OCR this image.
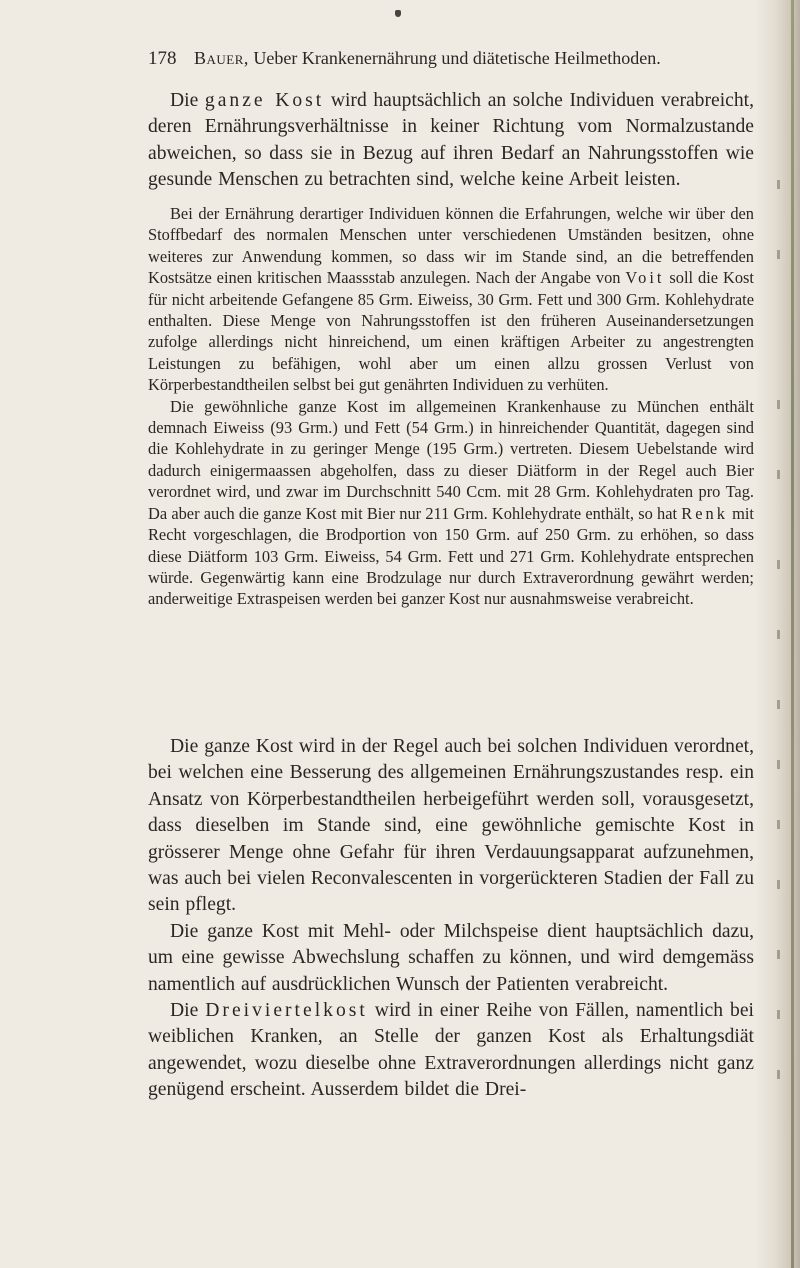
178 Bauer, Ueber Krankenernährung und diätetische Heilmethoden.

Die ganze Kost wird hauptsächlich an solche Individuen verabreicht, deren Ernährungsverhältnisse in keiner Richtung vom Normalzustande abweichen, so dass sie in Bezug auf ihren Bedarf an Nahrungsstoffen wie gesunde Menschen zu betrachten sind, welche keine Arbeit leisten.

Bei der Ernährung derartiger Individuen können die Erfahrungen, welche wir über den Stoffbedarf des normalen Menschen unter verschiedenen Umständen besitzen, ohne weiteres zur Anwendung kommen, so dass wir im Stande sind, an die betreffenden Kostsätze einen kritischen Maassstab anzulegen. Nach der Angabe von Voit soll die Kost für nicht arbeitende Gefangene 85 Grm. Eiweiss, 30 Grm. Fett und 300 Grm. Kohlehydrate enthalten. Diese Menge von Nahrungsstoffen ist den früheren Auseinandersetzungen zufolge allerdings nicht hinreichend, um einen kräftigen Arbeiter zu angestrengten Leistungen zu befähigen, wohl aber um einen allzu grossen Verlust von Körperbestandtheilen selbst bei gut genährten Individuen zu verhüten.

Die gewöhnliche ganze Kost im allgemeinen Krankenhause zu München enthält demnach Eiweiss (93 Grm.) und Fett (54 Grm.) in hinreichender Quantität, dagegen sind die Kohlehydrate in zu geringer Menge (195 Grm.) vertreten. Diesem Uebelstande wird dadurch einigermaassen abgeholfen, dass zu dieser Diätform in der Regel auch Bier verordnet wird, und zwar im Durchschnitt 540 Ccm. mit 28 Grm. Kohlehydraten pro Tag. Da aber auch die ganze Kost mit Bier nur 211 Grm. Kohlehydrate enthält, so hat Renk mit Recht vorgeschlagen, die Brodportion von 150 Grm. auf 250 Grm. zu erhöhen, so dass diese Diätform 103 Grm. Eiweiss, 54 Grm. Fett und 271 Grm. Kohlehydrate entsprechen würde. Gegenwärtig kann eine Brodzulage nur durch Extraverordnung gewährt werden; anderweitige Extraspeisen werden bei ganzer Kost nur ausnahmsweise verabreicht.

Die ganze Kost wird in der Regel auch bei solchen Individuen verordnet, bei welchen eine Besserung des allgemeinen Ernährungszustandes resp. ein Ansatz von Körperbestandtheilen herbeigeführt werden soll, vorausgesetzt, dass dieselben im Stande sind, eine gewöhnliche gemischte Kost in grösserer Menge ohne Gefahr für ihren Verdauungsapparat aufzunehmen, was auch bei vielen Reconvalescenten in vorgerückteren Stadien der Fall zu sein pflegt.

Die ganze Kost mit Mehl- oder Milchspeise dient hauptsächlich dazu, um eine gewisse Abwechslung schaffen zu können, und wird demgemäss namentlich auf ausdrücklichen Wunsch der Patienten verabreicht.

Die Dreiviertelkost wird in einer Reihe von Fällen, namentlich bei weiblichen Kranken, an Stelle der ganzen Kost als Erhaltungsdiät angewendet, wozu dieselbe ohne Extraverordnungen allerdings nicht ganz genügend erscheint. Ausserdem bildet die Drei-
